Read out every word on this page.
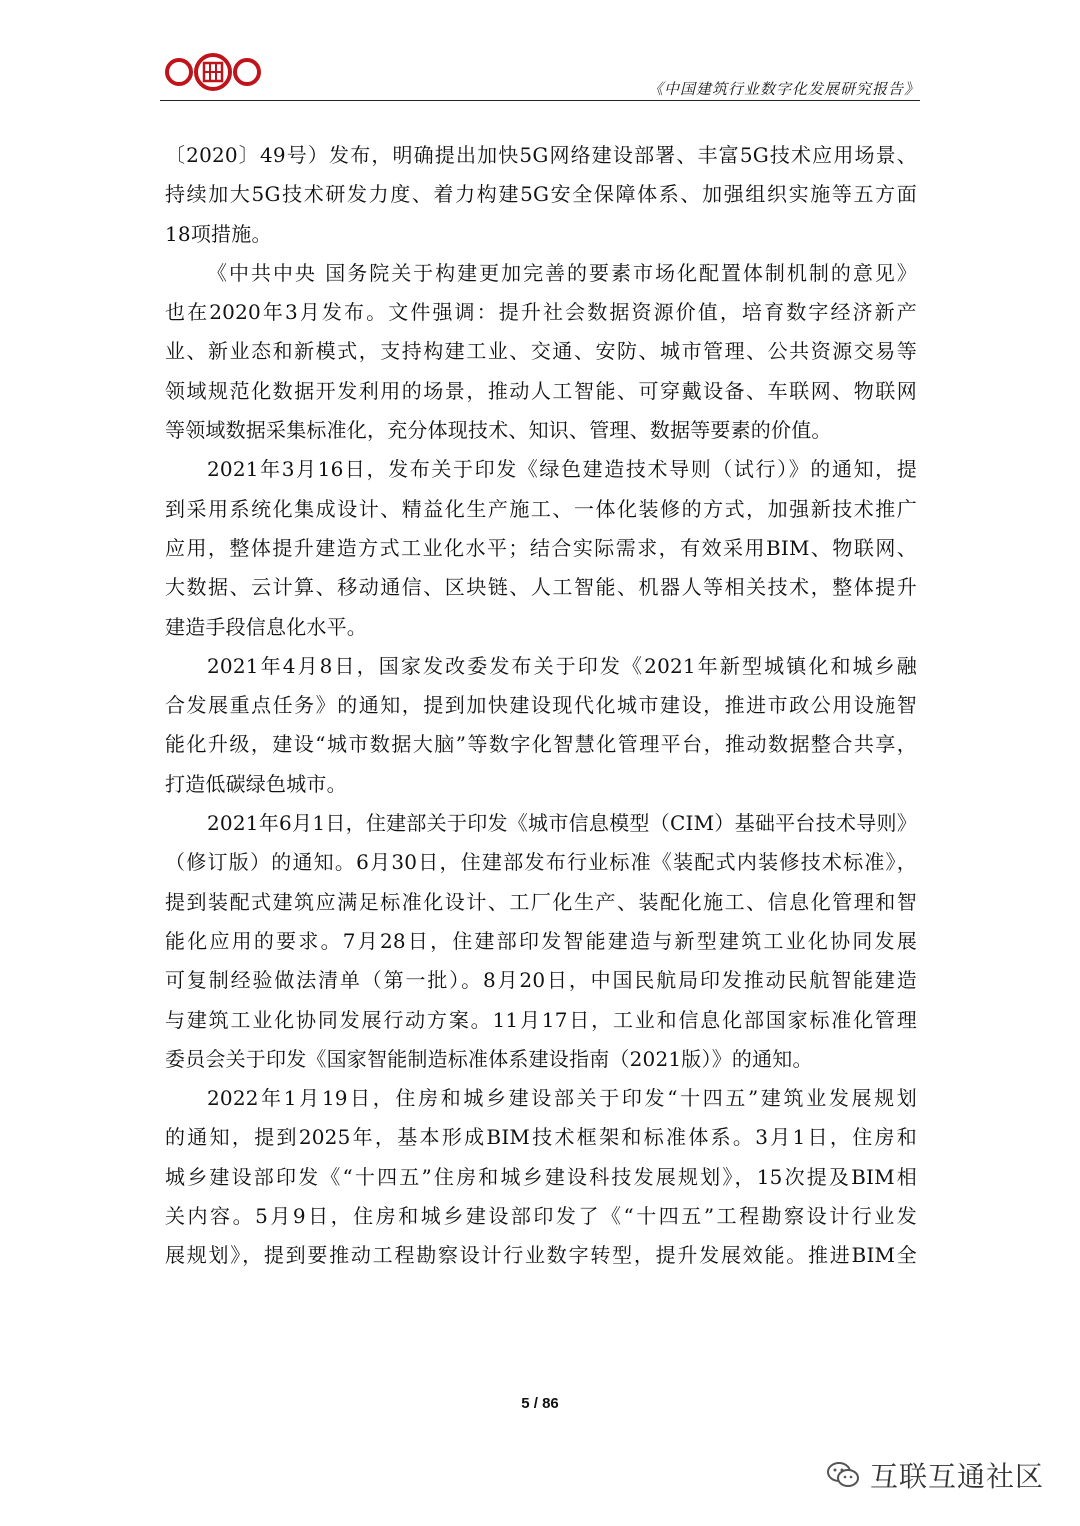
《中国建筑行业数字化发展研究报告》
〔2020〕49号）发布，明确提出加快5G网络建设部署、丰富5G技术应用场景、
持续加大5G技术研发力度、着力构建5G安全保障体系、加强组织实施等五方面
18项措施。
《中共中央 国务院关于构建更加完善的要素市场化配置体制机制的意见》
也在2020年3月发布。文件强调：提升社会数据资源价值，培育数字经济新产
业、新业态和新模式，支持构建工业、交通、安防、城市管理、公共资源交易等
领域规范化数据开发利用的场景，推动人工智能、可穿戴设备、车联网、物联网
等领域数据采集标准化，充分体现技术、知识、管理、数据等要素的价值。
2021年3月16日，发布关于印发《绿色建造技术导则（试行）》的通知，提
到采用系统化集成设计、精益化生产施工、一体化装修的方式，加强新技术推广
应用，整体提升建造方式工业化水平；结合实际需求，有效采用BIM、物联网、
大数据、云计算、移动通信、区块链、人工智能、机器人等相关技术，整体提升
建造手段信息化水平。
2021年4月8日，国家发改委发布关于印发《2021年新型城镇化和城乡融
合发展重点任务》的通知，提到加快建设现代化城市建设，推进市政公用设施智
能化升级，建设“城市数据大脑”等数字化智慧化管理平台，推动数据整合共享，
打造低碳绿色城市。
2021年6月1日，住建部关于印发《城市信息模型（CIM）基础平台技术导则》
（修订版）的通知。6月30日，住建部发布行业标准《装配式内装修技术标准》，
提到装配式建筑应满足标准化设计、工厂化生产、装配化施工、信息化管理和智
能化应用的要求。7月28日，住建部印发智能建造与新型建筑工业化协同发展
可复制经验做法清单（第一批）。8月20日，中国民航局印发推动民航智能建造
与建筑工业化协同发展行动方案。11月17日，工业和信息化部国家标准化管理
委员会关于印发《国家智能制造标准体系建设指南（2021版）》的通知。
2022年1月19日，住房和城乡建设部关于印发“十四五”建筑业发展规划
的通知，提到2025年，基本形成BIM技术框架和标准体系。3月1日，住房和
城乡建设部印发《“十四五”住房和城乡建设科技发展规划》，15次提及BIM相
关内容。5月9日，住房和城乡建设部印发了《“十四五”工程勘察设计行业发
展规划》，提到要推动工程勘察设计行业数字转型，提升发展效能。推进BIM全
5 / 86
互联互通社区
